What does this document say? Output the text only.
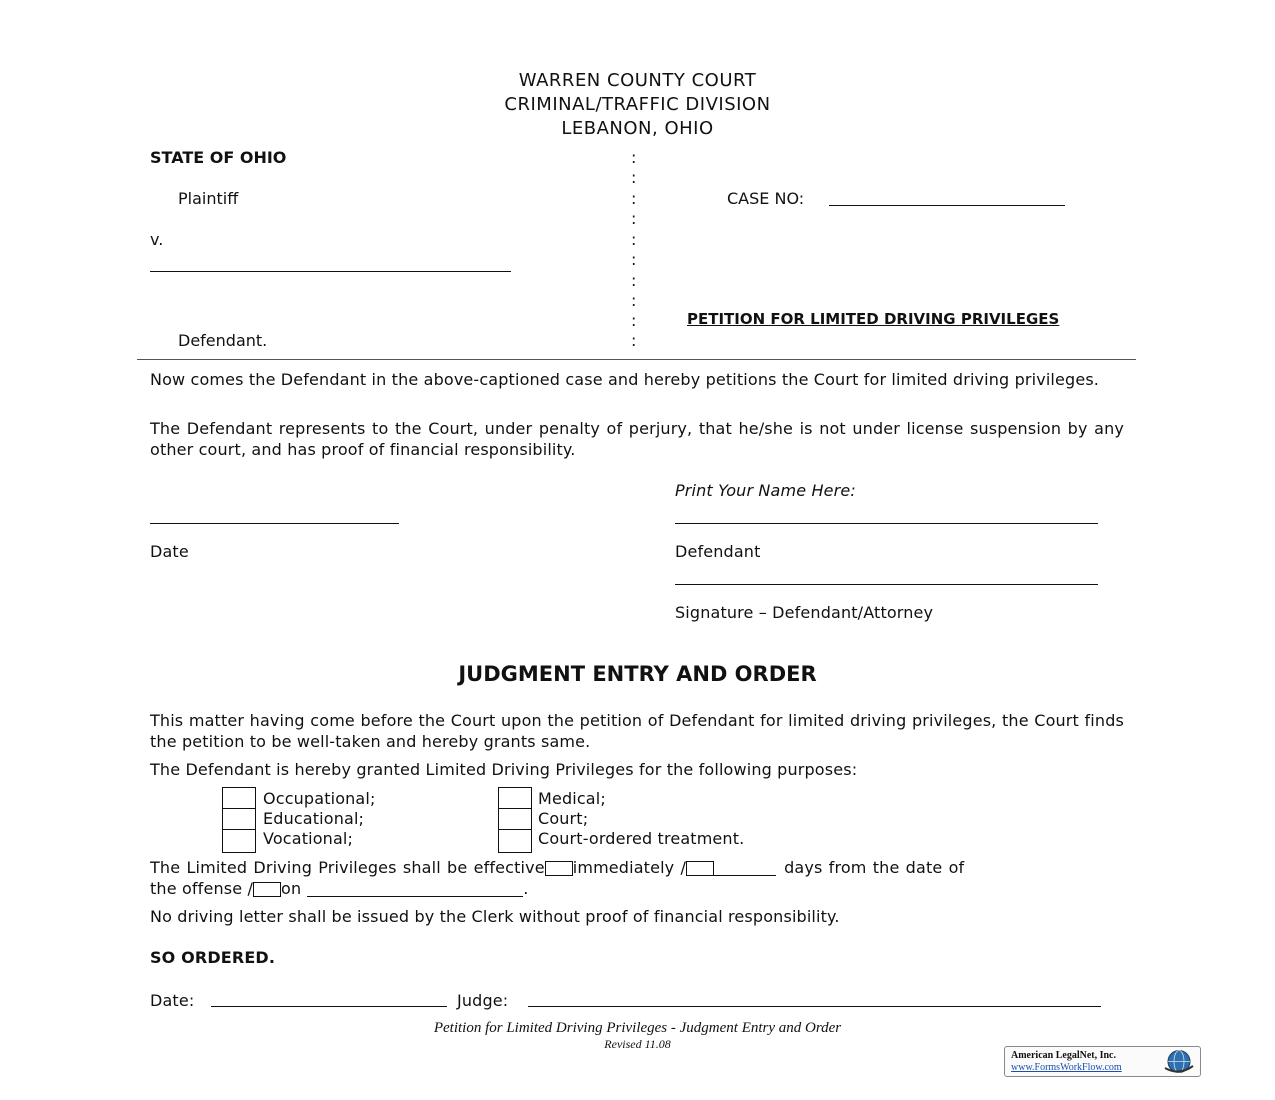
WARREN COUNTY COURT
CRIMINAL/TRAFFIC DIVISION
LEBANON, OHIO
STATE OF OHIO
Plaintiff
v.
Defendant.
:
:
:
:
:
:
:
:
:
:
CASE NO:
PETITION FOR LIMITED DRIVING PRIVILEGES
Now comes the Defendant in the above-captioned case and hereby petitions the Court for limited driving privileges.
The Defendant represents to the Court, under penalty of perjury, that he/she is not under license suspension by any other court, and has proof of financial responsibility.
Print Your Name Here:
Date	Defendant
Signature – Defendant/Attorney
JUDGMENT ENTRY AND ORDER
This matter having come before the Court upon the petition of Defendant for limited driving privileges, the Court finds the petition to be well-taken and hereby grants same.
The Defendant is hereby granted Limited Driving Privileges for the following purposes:
Occupational;
Educational;
Vocational;
Medical;
Court;
Court-ordered treatment.
The Limited Driving Privileges shall be effective immediately /	days from the date of
the offense / on	.
No driving letter shall be issued by the Clerk without proof of financial responsibility.
SO ORDERED.
Date:	Judge:
Petition for Limited Driving Privileges - Judgment Entry and Order
Revised 11.08
American LegalNet, Inc.
www.FormsWorkFlow.com
